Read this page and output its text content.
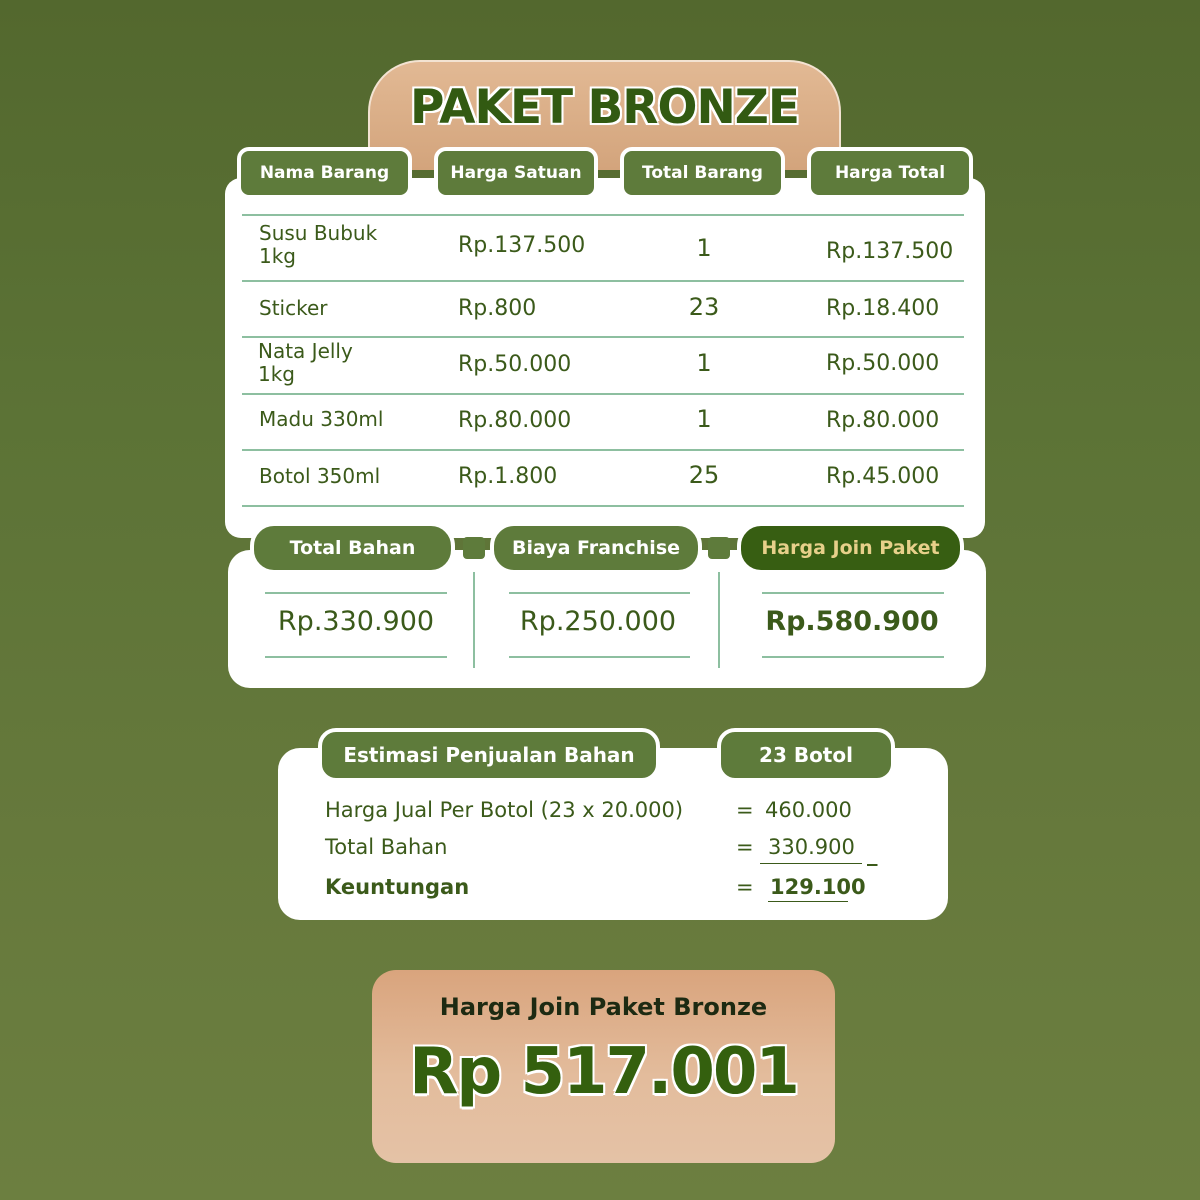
PAKET BRONZE
Nama Barang	Harga Satuan	Total Barang	Harga Total
Susu Bubuk
1kg	Rp.137.500	1	Rp.137.500
Sticker	Rp.800	23	Rp.18.400
Nata Jelly
1kg	Rp.50.000	1	Rp.50.000
Madu 330ml	Rp.80.000	1	Rp.80.000
Botol 350ml	Rp.1.800	25	Rp.45.000
Total Bahan	Biaya Franchise	Harga Join Paket
Rp.330.900	Rp.250.000	Rp.580.900
Estimasi Penjualan Bahan	23 Botol
Harga Jual Per Botol (23 x 20.000)	= 460.000
Total Bahan	= 330.900 _
Keuntungan	= 129.100
Harga Join Paket Bronze
Rp 517.001
